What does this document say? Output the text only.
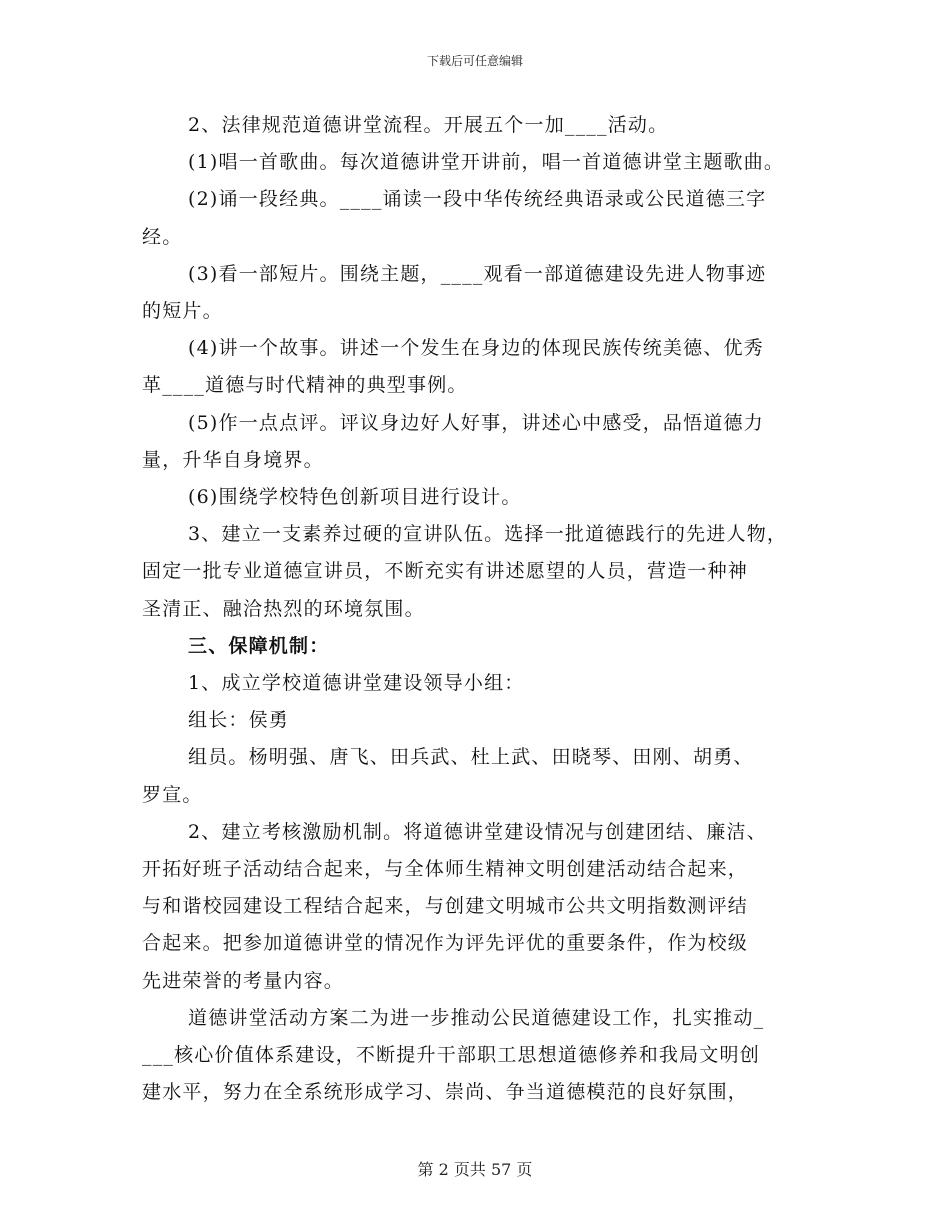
下载后可任意编辑
2、法律规范道德讲堂流程。开展五个一加____活动。
(1)唱一首歌曲。每次道德讲堂开讲前，唱一首道德讲堂主题歌曲。
(2)诵一段经典。____诵读一段中华传统经典语录或公民道德三字
经。
(3)看一部短片。围绕主题，____观看一部道德建设先进人物事迹
的短片。
(4)讲一个故事。讲述一个发生在身边的体现民族传统美德、优秀
革____道德与时代精神的典型事例。
(5)作一点点评。评议身边好人好事，讲述心中感受，品悟道德力
量，升华自身境界。
(6)围绕学校特色创新项目进行设计。
3、建立一支素养过硬的宣讲队伍。选择一批道德践行的先进人物，
固定一批专业道德宣讲员，不断充实有讲述愿望的人员，营造一种神
圣清正、融洽热烈的环境氛围。
三、保障机制：
1、成立学校道德讲堂建设领导小组：
组长：侯勇
组员。杨明强、唐飞、田兵武、杜上武、田晓琴、田刚、胡勇、
罗宣。
2、建立考核激励机制。将道德讲堂建设情况与创建团结、廉洁、
开拓好班子活动结合起来，与全体师生精神文明创建活动结合起来，
与和谐校园建设工程结合起来，与创建文明城市公共文明指数测评结
合起来。把参加道德讲堂的情况作为评先评优的重要条件，作为校级
先进荣誉的考量内容。
道德讲堂活动方案二为进一步推动公民道德建设工作，扎实推动_
___核心价值体系建设，不断提升干部职工思想道德修养和我局文明创
建水平，努力在全系统形成学习、崇尚、争当道德模范的良好氛围，
第 2 页共 57 页
